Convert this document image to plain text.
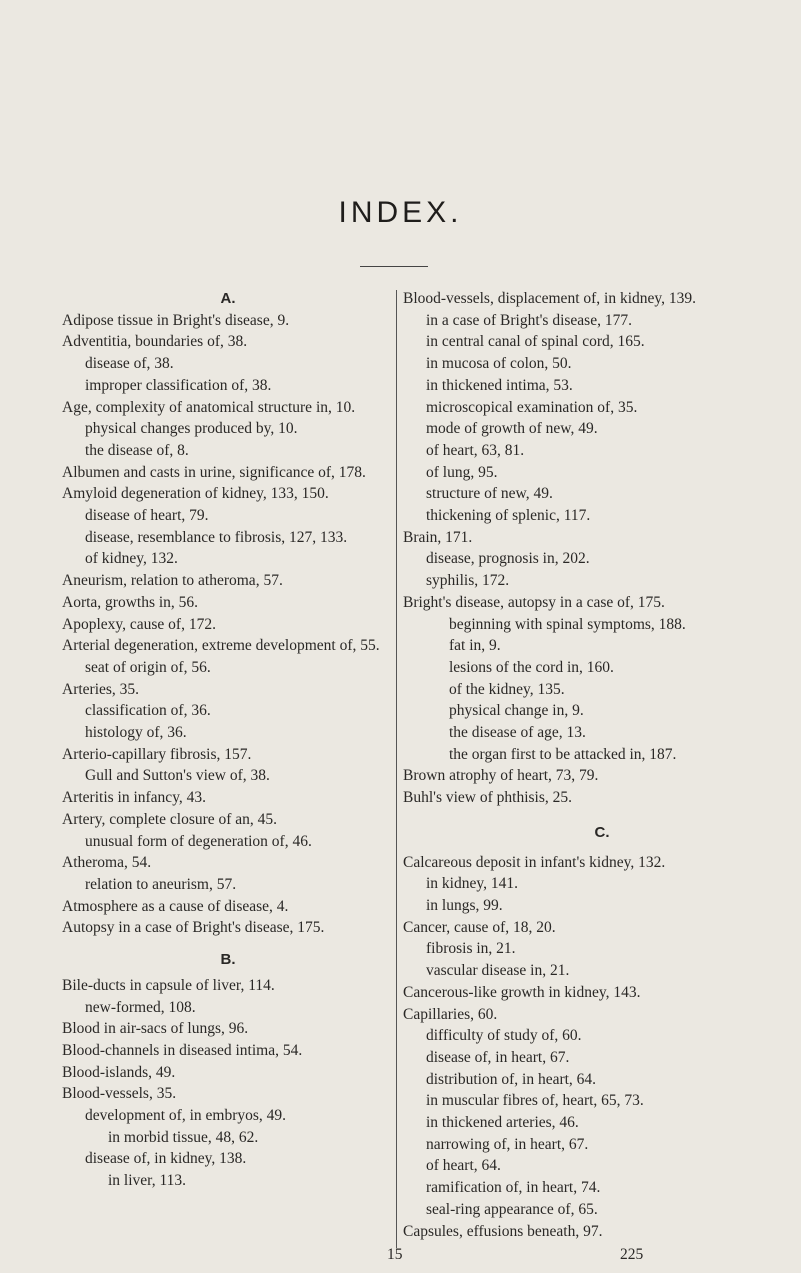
INDEX.
A.
Adipose tissue in Bright's disease, 9.
Adventitia, boundaries of, 38.
disease of, 38.
improper classification of, 38.
Age, complexity of anatomical structure in, 10.
physical changes produced by, 10.
the disease of, 8.
Albumen and casts in urine, significance of, 178.
Amyloid degeneration of kidney, 133, 150.
disease of heart, 79.
disease, resemblance to fibrosis, 127, 133.
of kidney, 132.
Aneurism, relation to atheroma, 57.
Aorta, growths in, 56.
Apoplexy, cause of, 172.
Arterial degeneration, extreme development of, 55.
seat of origin of, 56.
Arteries, 35.
classification of, 36.
histology of, 36.
Arterio-capillary fibrosis, 157.
Gull and Sutton's view of, 38.
Arteritis in infancy, 43.
Artery, complete closure of an, 45.
unusual form of degeneration of, 46.
Atheroma, 54.
relation to aneurism, 57.
Atmosphere as a cause of disease, 4.
Autopsy in a case of Bright's disease, 175.
B.
Bile-ducts in capsule of liver, 114.
new-formed, 108.
Blood in air-sacs of lungs, 96.
Blood-channels in diseased intima, 54.
Blood-islands, 49.
Blood-vessels, 35.
development of, in embryos, 49.
in morbid tissue, 48, 62.
disease of, in kidney, 138.
in liver, 113.
Blood-vessels, displacement of, in kidney, 139.
in a case of Bright's disease, 177.
in central canal of spinal cord, 165.
in mucosa of colon, 50.
in thickened intima, 53.
microscopical examination of, 35.
mode of growth of new, 49.
of heart, 63, 81.
of lung, 95.
structure of new, 49.
thickening of splenic, 117.
Brain, 171.
disease, prognosis in, 202.
syphilis, 172.
Bright's disease, autopsy in a case of, 175.
beginning with spinal symptoms, 188.
fat in, 9.
lesions of the cord in, 160.
of the kidney, 135.
physical change in, 9.
the disease of age, 13.
the organ first to be attacked in, 187.
Brown atrophy of heart, 73, 79.
Buhl's view of phthisis, 25.
C.
Calcareous deposit in infant's kidney, 132.
in kidney, 141.
in lungs, 99.
Cancer, cause of, 18, 20.
fibrosis in, 21.
vascular disease in, 21.
Cancerous-like growth in kidney, 143.
Capillaries, 60.
difficulty of study of, 60.
disease of, in heart, 67.
distribution of, in heart, 64.
in muscular fibres of, heart, 65, 73.
in thickened arteries, 46.
narrowing of, in heart, 67.
of heart, 64.
ramification of, in heart, 74.
seal-ring appearance of, 65.
Capsules, effusions beneath, 97.
15	225
